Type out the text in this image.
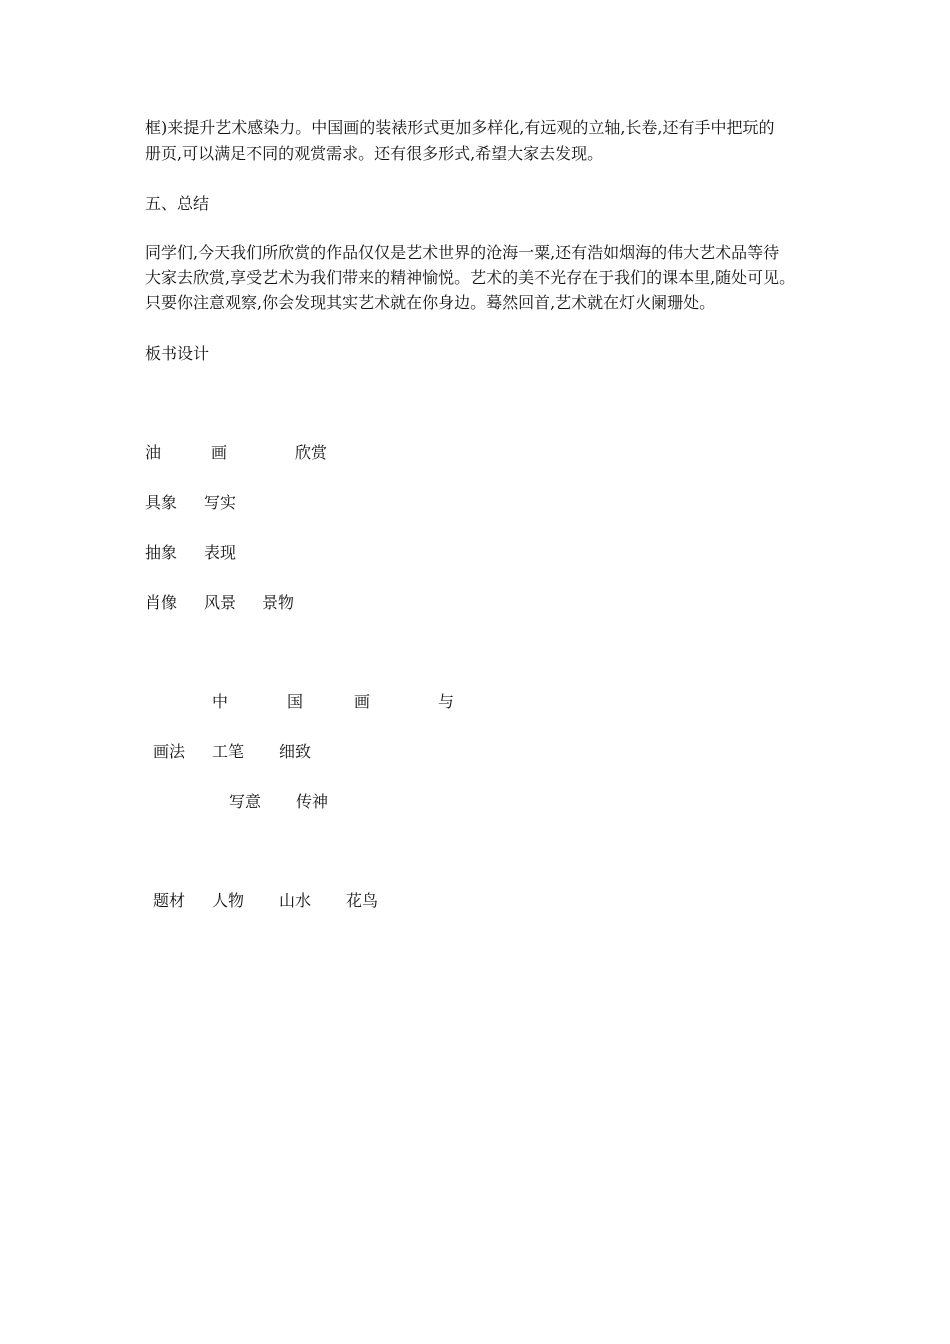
框)来提升艺术感染力。中国画的装裱形式更加多样化,有远观的立轴,长卷,还有手中把玩的
册页,可以满足不同的观赏需求。还有很多形式,希望大家去发现。
五、总结
同学们,今天我们所欣赏的作品仅仅是艺术世界的沧海一粟,还有浩如烟海的伟大艺术品等待
大家去欣赏,享受艺术为我们带来的精神愉悦。艺术的美不光存在于我们的课本里,随处可见。
只要你注意观察,你会发现其实艺术就在你身边。蓦然回首,艺术就在灯火阑珊处。
板书设计
油	画	欣赏
具象 写实
抽象 表现
肖像 风景 景物
中	国	画	与
画法 工笔 细致
写意 传神
题材 人物 山水 花鸟
